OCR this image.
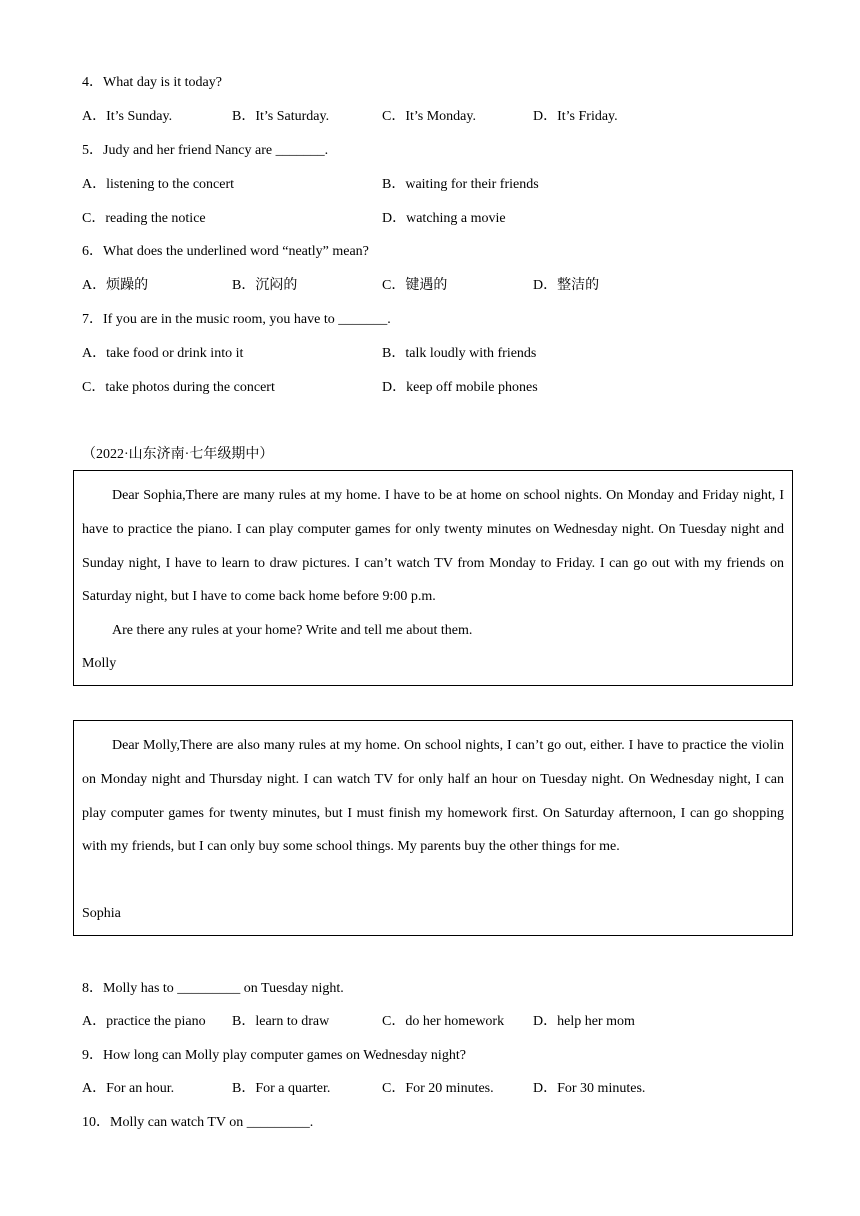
4．What day is it today?
A．It’s Sunday.	B．It’s Saturday.	C．It’s Monday.	D．It’s Friday.
5．Judy and her friend Nancy are _______.
A．listening to the concert	B．waiting for their friends
C．reading the notice	D．watching a movie
6．What does the underlined word “neatly” mean?
A．烦躁的	B．沉闷的	C．键遇的	D．整洁的
7．If you are in the music room, you have to _______.
A．take food or drink into it	B．talk loudly with friends
C．take photos during the concert	D．keep off mobile phones
（2022·山东济南·七年级期中）
Dear Sophia,There are many rules at my home. I have to be at home on school nights. On Monday and Friday night, I have to practice the piano. I can play computer games for only twenty minutes on Wednesday night. On Tuesday night and Sunday night, I have to learn to draw pictures. I can’t watch TV from Monday to Friday. I can go out with my friends on Saturday night, but I have to come back home before 9:00 p.m.
Are there any rules at your home? Write and tell me about them.
Molly
Dear Molly,There are also many rules at my home. On school nights, I can’t go out, either. I have to practice the violin on Monday night and Thursday night. I can watch TV for only half an hour on Tuesday night. On Wednesday night, I can play computer games for twenty minutes, but I must finish my homework first. On Saturday afternoon, I can go shopping with my friends, but I can only buy some school things. My parents buy the other things for me.
Sophia
8．Molly has to _________ on Tuesday night.
A．practice the piano B．learn to draw	C．do her homework D．help her mom
9．How long can Molly play computer games on Wednesday night?
A．For an hour.	B．For a quarter.	C．For 20 minutes.	D．For 30 minutes.
10．Molly can watch TV on _________.
